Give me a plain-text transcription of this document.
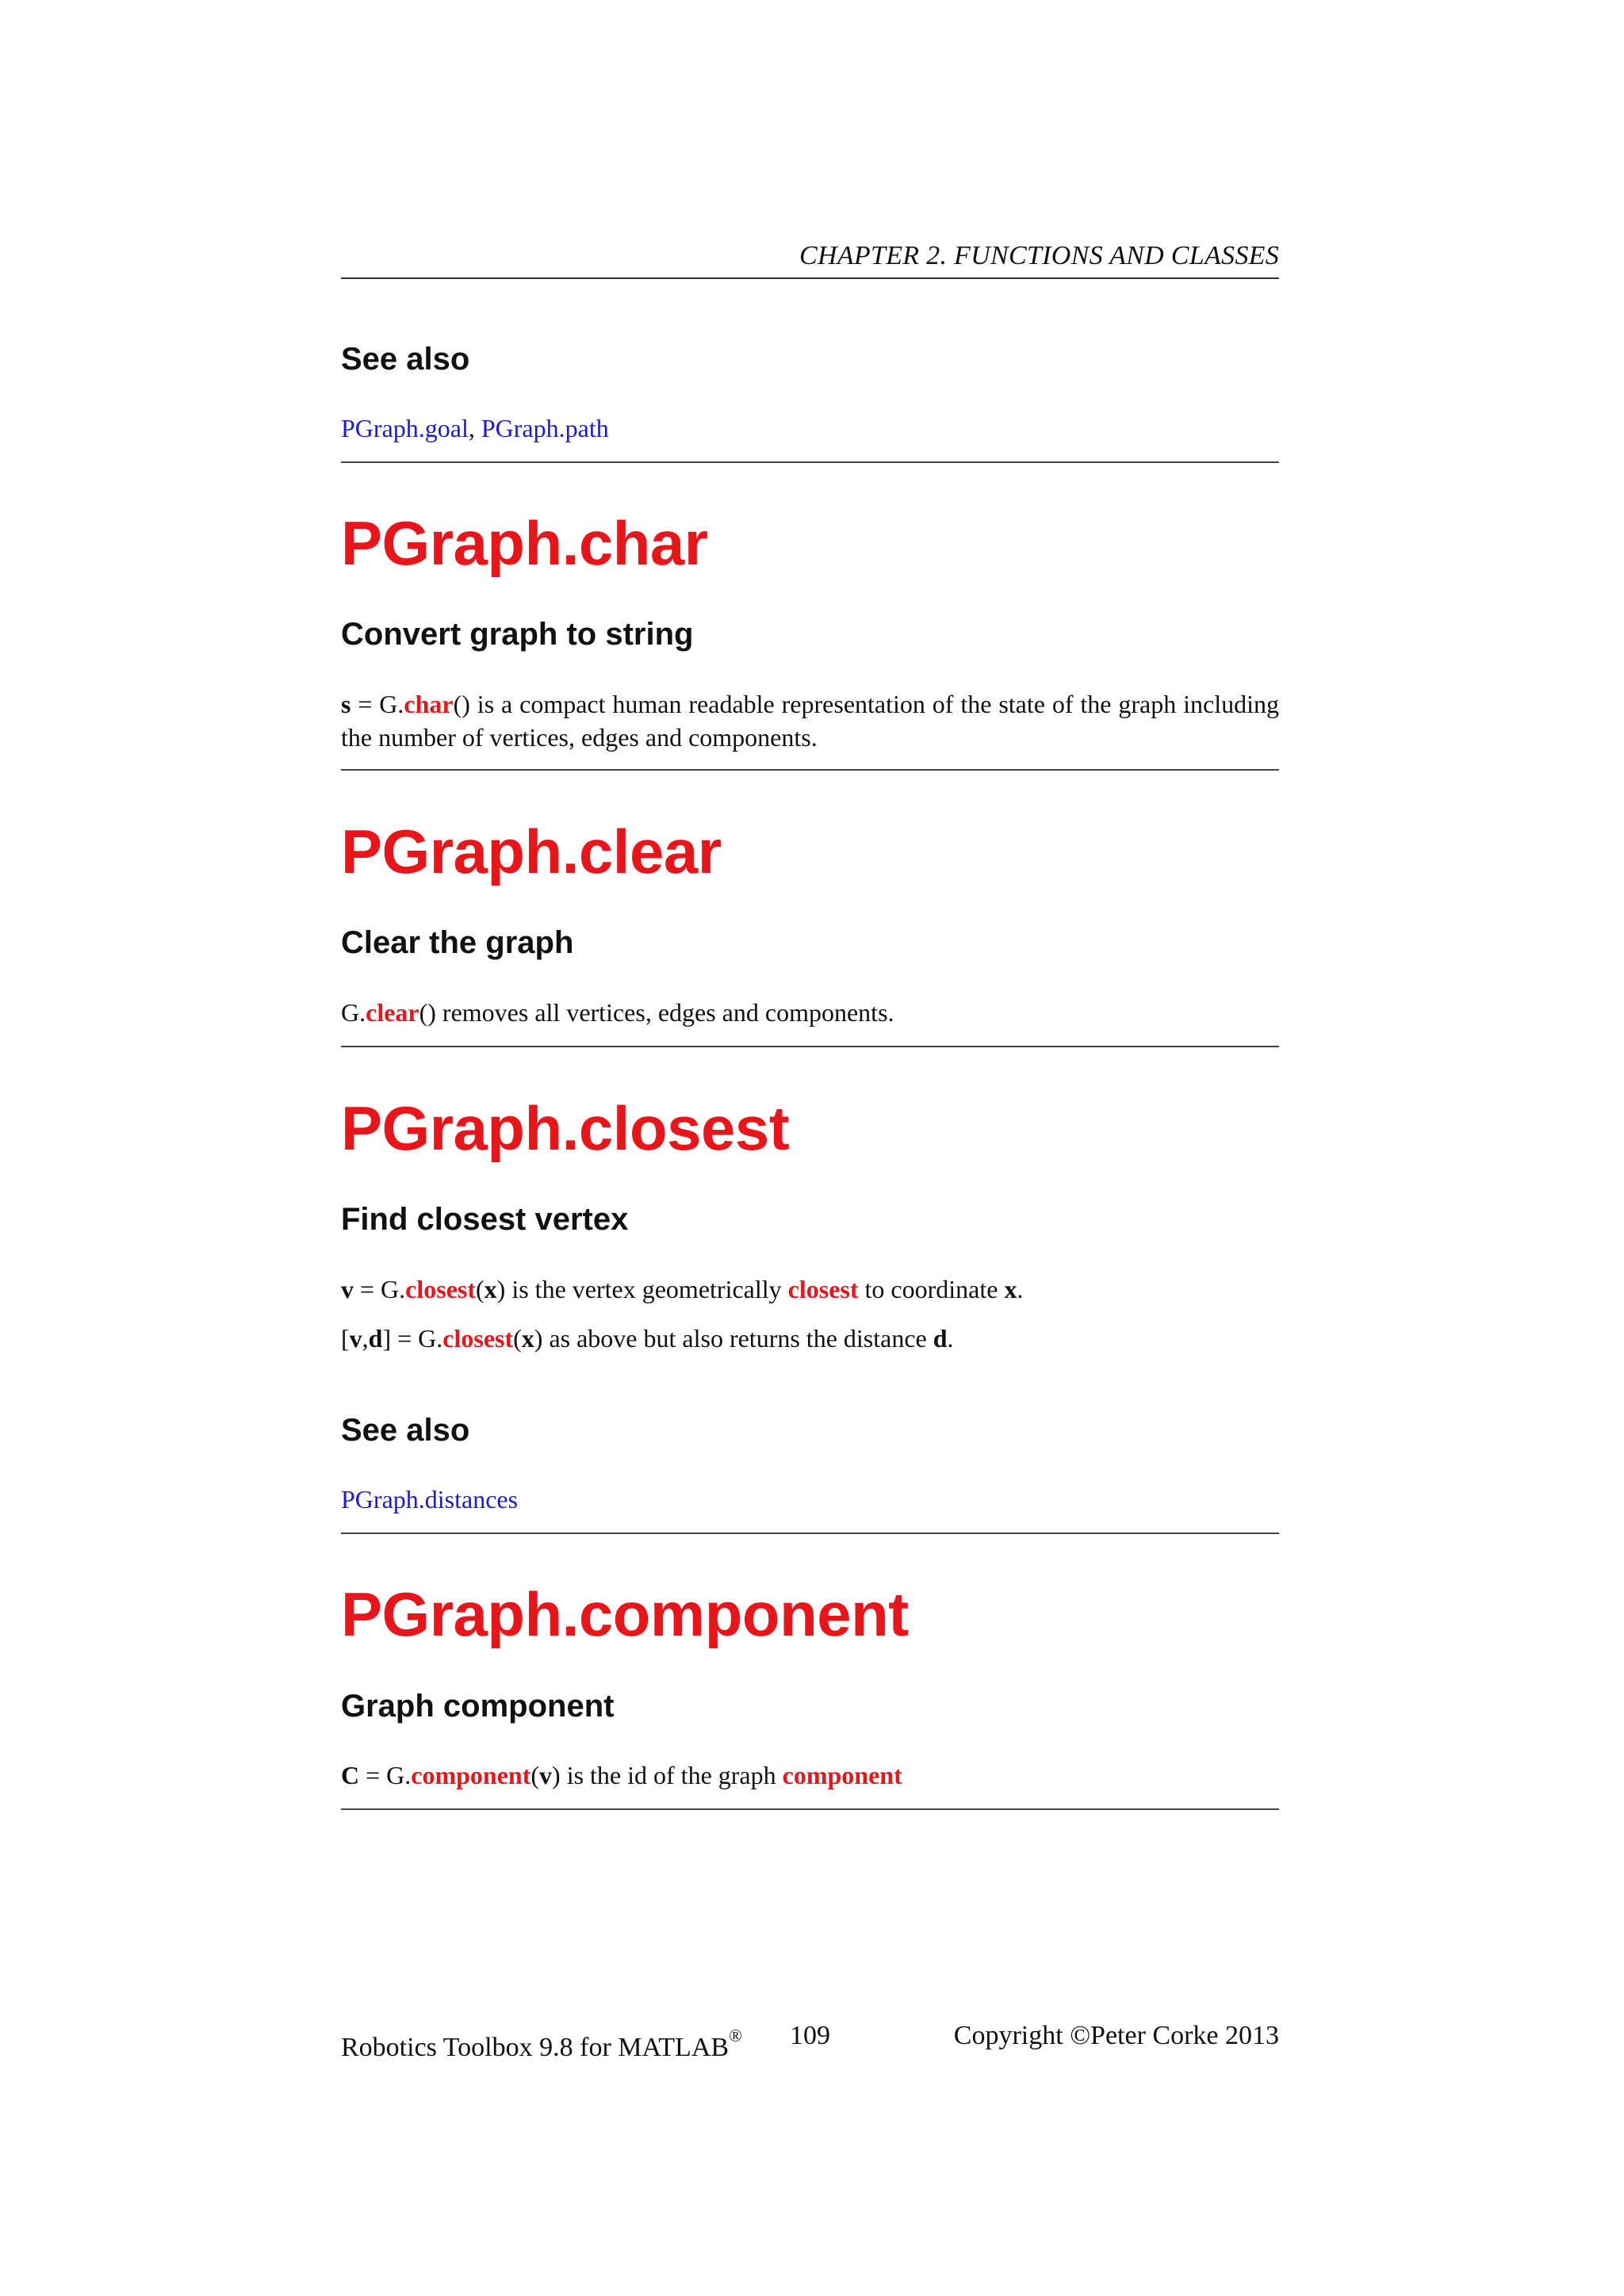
CHAPTER 2. FUNCTIONS AND CLASSES
See also
PGraph.goal, PGraph.path
PGraph.char
Convert graph to string
s = G.char() is a compact human readable representation of the state of the graph including the number of vertices, edges and components.
PGraph.clear
Clear the graph
G.clear() removes all vertices, edges and components.
PGraph.closest
Find closest vertex
v = G.closest(x) is the vertex geometrically closest to coordinate x.
[v,d] = G.closest(x) as above but also returns the distance d.
See also
PGraph.distances
PGraph.component
Graph component
C = G.component(v) is the id of the graph component
Robotics Toolbox 9.8 for MATLAB® 109	Copyright ©Peter Corke 2013
